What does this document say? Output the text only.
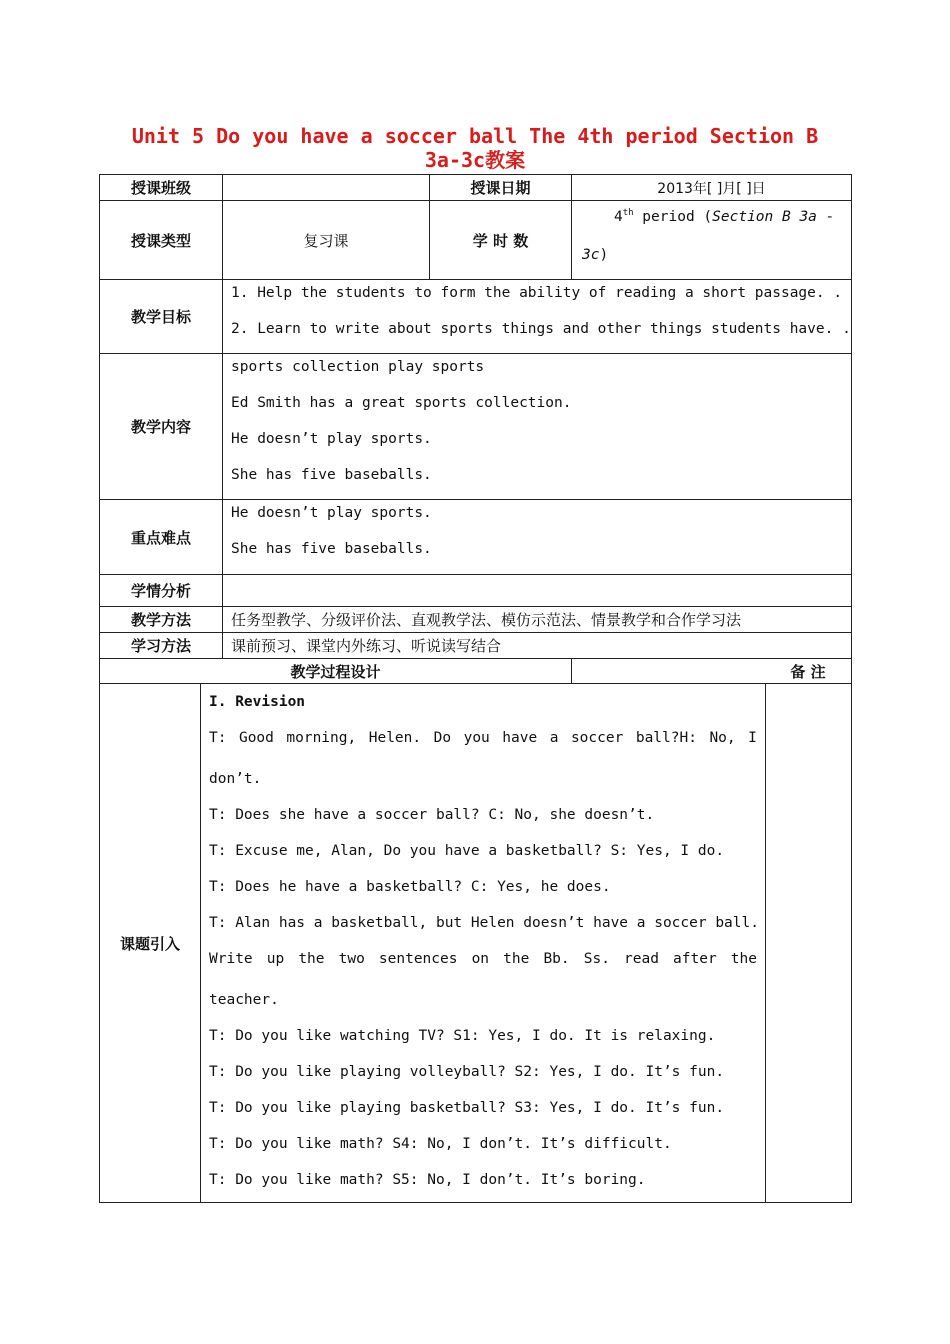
Unit 5 Do you have a soccer ball The 4th period Section B
3a-3c教案
授课班级		授课日期	2013年[ ]月[ ]日
授课类型	复习课	学 时 数	4th period (Section B 3a -
3c)

教学目标	1. Help the students to form the ability of reading a short passage. .
2. Learn to write about sports things and other things students have. .		

教学内容	sports collection play sports
Ed Smith has a great sports collection.
He doesn’t play sports.
She has five baseballs.		

重点难点	He doesn’t play sports.
She has five baseballs.		

学情分析			
教学方法	任务型教学、分级评价法、直观教学法、模仿示范法、情景教学和合作学习法		
学习方法	课前预习、课堂内外练习、听说读写结合		
教学过程设计			备 注
课题引入	
I. Revision
T: Good morning, Helen. Do you have a soccer ball?H: No, I
don’t.
T: Does she have a soccer ball? C: No, she doesn’t.
T: Excuse me, Alan, Do you have a basketball? S: Yes, I do.
T: Does he have a basketball? C: Yes, he does.
T: Alan has a basketball, but Helen doesn’t have a soccer ball.
Write up the two sentences on the Bb. Ss. read after the
teacher.
T: Do you like watching TV? S1: Yes, I do. It is relaxing.
T: Do you like playing volleyball? S2: Yes, I do. It’s fun.
T: Do you like playing basketball? S3: Yes, I do. It’s fun.
T: Do you like math? S4: No, I don’t. It’s difficult.
T: Do you like math? S5: No, I don’t. It’s boring.
